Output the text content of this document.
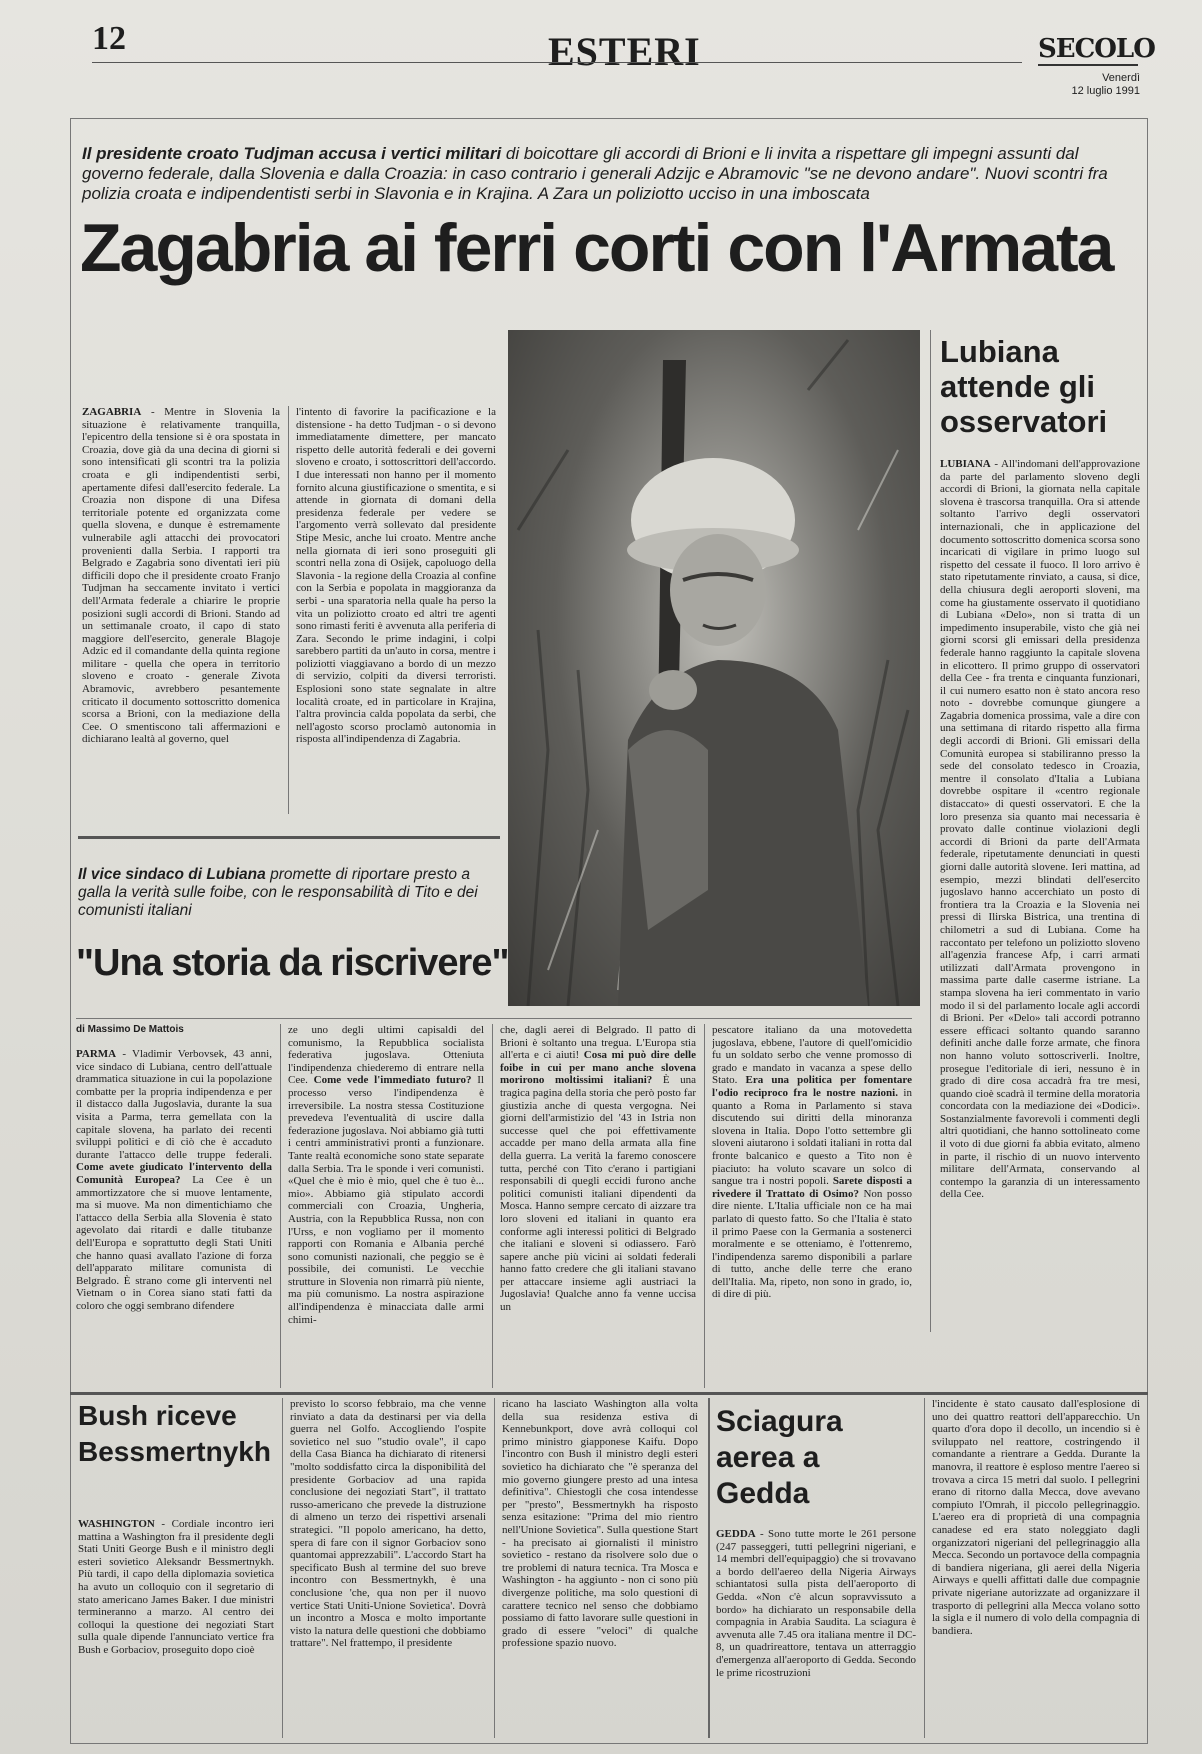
12	ESTERI	SECOLO
Venerdì
12 luglio 1991
Il presidente croato Tudjman accusa i vertici militari di boicottare gli accordi di Brioni e li invita a rispettare gli impegni assunti dal governo federale, dalla Slovenia e dalla Croazia: in caso contrario i generali Adzijc e Abramovic "se ne devono andare". Nuovi scontri fra polizia croata e indipendentisti serbi in Slavonia e in Krajina. A Zara un poliziotto ucciso in una imboscata
Zagabria ai ferri corti con l'Armata
ZAGABRIA - Mentre in Slovenia la situazione è relativamente tranquilla, l'epicentro della tensione si è ora spostata in Croazia, dove già da una decina di giorni si sono intensificati gli scontri tra la polizia croata e gli indipendentisti serbi, apertamente difesi dall'esercito federale. La Croazia non dispone di una Difesa territoriale potente ed organizzata come quella slovena, e dunque è estremamente vulnerabile agli attacchi dei provocatori provenienti dalla Serbia. I rapporti tra Belgrado e Zagabria sono diventati ieri più difficili dopo che il presidente croato Franjo Tudjman ha seccamente invitato i vertici dell'Armata federale a chiarire le proprie posizioni sugli accordi di Brioni. Stando ad un settimanale croato, il capo di stato maggiore dell'esercito, generale Blagoje Adzic ed il comandante della quinta regione militare - quella che opera in territorio sloveno e croato - generale Zivota Abramovic, avrebbero pesantemente criticato il documento sottoscritto domenica scorsa a Brioni, con la mediazione della Cee. O smentiscono tali affermazioni e dichiarano lealtà al governo, quel
l'intento di favorire la pacificazione e la distensione - ha detto Tudjman - o si devono immediatamente dimettere, per mancato rispetto delle autorità federali e dei governi sloveno e croato, i sottoscrittori dell'accordo. I due interessati non hanno per il momento fornito alcuna giustificazione o smentita, e si attende in giornata di domani della presidenza federale per vedere se l'argomento verrà sollevato dal presidente Stipe Mesic, anche lui croato. Mentre anche nella giornata di ieri sono proseguiti gli scontri nella zona di Osijek, capoluogo della Slavonia - la regione della Croazia al confine con la Serbia e popolata in maggioranza da serbi - una sparatoria nella quale ha perso la vita un poliziotto croato ed altri tre agenti sono rimasti feriti è avvenuta alla periferia di Zara. Secondo le prime indagini, i colpi sarebbero partiti da un'auto in corsa, mentre i poliziotti viaggiavano a bordo di un mezzo di servizio, colpiti da diversi terroristi. Esplosioni sono state segnalate in altre località croate, ed in particolare in Krajina, l'altra provincia calda popolata da serbi, che nell'agosto scorso proclamò autonomia in risposta all'indipendenza di Zagabria.
Lubiana attende gli osservatori
LUBIANA - All'indomani dell'approvazione da parte del parlamento sloveno degli accordi di Brioni, la giornata nella capitale slovena è trascorsa tranquilla. Ora si attende soltanto l'arrivo degli osservatori internazionali, che in applicazione del documento sottoscritto domenica scorsa sono incaricati di vigilare in primo luogo sul rispetto del cessate il fuoco. Il loro arrivo è stato ripetutamente rinviato, a causa, si dice, della chiusura degli aeroporti sloveni, ma come ha giustamente osservato il quotidiano di Lubiana «Delo», non si tratta di un impedimento insuperabile, visto che già nei giorni scorsi gli emissari della presidenza federale hanno raggiunto la capitale slovena in elicottero. Il primo gruppo di osservatori della Cee - fra trenta e cinquanta funzionari, il cui numero esatto non è stato ancora reso noto - dovrebbe comunque giungere a Zagabria domenica prossima, vale a dire con una settimana di ritardo rispetto alla firma degli accordi di Brioni. Gli emissari della Comunità europea si stabiliranno presso la sede del consolato tedesco in Croazia, mentre il consolato d'Italia a Lubiana dovrebbe ospitare il «centro regionale distaccato» di questi osservatori. E che la loro presenza sia quanto mai necessaria è provato dalle continue violazioni degli accordi di Brioni da parte dell'Armata federale, ripetutamente denunciati in questi giorni dalle autorità slovene. Ieri mattina, ad esempio, mezzi blindati dell'esercito jugoslavo hanno accerchiato un posto di frontiera tra la Croazia e la Slovenia nei pressi di Ilirska Bistrica, una trentina di chilometri a sud di Lubiana. Come ha raccontato per telefono un poliziotto sloveno all'agenzia francese Afp, i carri armati utilizzati dall'Armata provengono in massima parte dalle caserme istriane. La stampa slovena ha ieri commentato in vario modo il sì del parlamento locale agli accordi di Brioni. Per «Delo» tali accordi potranno essere efficaci soltanto quando saranno definiti anche dalle forze armate, che finora non hanno voluto sottoscriverli. Inoltre, prosegue l'editoriale di ieri, nessuno è in grado di dire cosa accadrà fra tre mesi, quando cioè scadrà il termine della moratoria concordata con la mediazione dei «Dodici». Sostanzialmente favorevoli i commenti degli altri quotidiani, che hanno sottolineato come il voto di due giorni fa abbia evitato, almeno in parte, il rischio di un nuovo intervento militare dell'Armata, conservando al contempo la garanzia di un interessamento della Cee.
Il vice sindaco di Lubiana promette di riportare presto a galla la verità sulle foibe, con le responsabilità di Tito e dei comunisti italiani
"Una storia da riscrivere"
di Massimo De Mattois
PARMA - Vladimir Verbovsek, 43 anni, vice sindaco di Lubiana, centro dell'attuale drammatica situazione in cui la popolazione combatte per la propria indipendenza e per il distacco dalla Jugoslavia, durante la sua visita a Parma, terra gemellata con la capitale slovena, ha parlato dei recenti sviluppi politici e di ciò che è accaduto durante l'attacco delle truppe federali. Come avete giudicato l'intervento della Comunità Europea? La Cee è un ammortizzatore che si muove lentamente, ma si muove. Ma non dimentichiamo che l'attacco della Serbia alla Slovenia è stato agevolato dai ritardi e dalle titubanze dell'Europa e soprattutto degli Stati Uniti che hanno quasi avallato l'azione di forza dell'apparato militare comunista di Belgrado. È strano come gli interventi nel Vietnam o in Corea siano stati fatti da coloro che oggi sembrano difendere
ze uno degli ultimi capisaldi del comunismo, la Repubblica socialista federativa jugoslava. Otteniuta l'indipendenza chiederemo di entrare nella Cee. Come vede l'immediato futuro? Il processo verso l'indipendenza è irreversibile. La nostra stessa Costituzione prevedeva l'eventualità di uscire dalla federazione jugoslava. Noi abbiamo già tutti i centri amministrativi pronti a funzionare. Tante realtà economiche sono state separate dalla Serbia. Tra le sponde i veri comunisti. «Quel che è mio è mio, quel che è tuo è... mio». Abbiamo già stipulato accordi commerciali con Croazia, Ungheria, Austria, con la Repubblica Russa, non con l'Urss, e non vogliamo per il momento rapporti con Romania e Albania perché sono comunisti nazionali, che peggio se è possibile, dei comunisti. Le vecchie strutture in Slovenia non rimarrà più niente, ma più comunismo. La nostra aspirazione all'indipendenza è minacciata dalle armi chimi-
che, dagli aerei di Belgrado. Il patto di Brioni è soltanto una tregua. L'Europa stia all'erta e ci aiuti! Cosa mi può dire delle foibe in cui per mano anche slovena morirono moltissimi italiani? È una tragica pagina della storia che però posto far giustizia anche di questa vergogna. Nei giorni dell'armistizio del '43 in Istria non successe quel che poi effettivamente accadde per mano della armata alla fine della guerra. La verità la faremo conoscere tutta, perché con Tito c'erano i partigiani responsabili di quegli eccidi furono anche politici comunisti italiani dipendenti da Mosca. Hanno sempre cercato di aizzare tra loro sloveni ed italiani in quanto era conforme agli interessi politici di Belgrado che italiani e sloveni si odiassero. Farò sapere anche più vicini ai soldati federali hanno fatto credere che gli italiani stavano per attaccare insieme agli austriaci la Jugoslavia! Qualche anno fa venne uccisa un
pescatore italiano da una motovedetta jugoslava, ebbene, l'autore di quell'omicidio fu un soldato serbo che venne promosso di grado e mandato in vacanza a spese dello Stato. Era una politica per fomentare l'odio reciproco fra le nostre nazioni. in quanto a Roma in Parlamento si stava discutendo sui diritti della minoranza slovena in Italia. Dopo l'otto settembre gli sloveni aiutarono i soldati italiani in rotta dal fronte balcanico e questo a Tito non è piaciuto: ha voluto scavare un solco di sangue tra i nostri popoli. Sarete disposti a rivedere il Trattato di Osimo? Non posso dire niente. L'Italia ufficiale non ce ha mai parlato di questo fatto. So che l'Italia è stato il primo Paese con la Germania a sostenerci moralmente e se otteniamo, è l'ottenremo, l'indipendenza saremo disponibili a parlare di tutto, anche delle terre che erano dell'Italia. Ma, ripeto, non sono in grado, io, di dire di più.
Bush riceve Bessmertnykh
WASHINGTON - Cordiale incontro ieri mattina a Washington fra il presidente degli Stati Uniti George Bush e il ministro degli esteri sovietico Aleksandr Bessmertnykh. Più tardi, il capo della diplomazia sovietica ha avuto un colloquio con il segretario di stato americano James Baker. I due ministri termineranno a marzo. Al centro dei colloqui la questione dei negoziati Start sulla quale dipende l'annunciato vertice fra Bush e Gorbaciov, proseguito dopo cioè
previsto lo scorso febbraio, ma che venne rinviato a data da destinarsi per via della guerra nel Golfo. Accogliendo l'ospite sovietico nel suo "studio ovale", il capo della Casa Bianca ha dichiarato di ritenersi "molto soddisfatto circa la disponibilità del presidente Gorbaciov ad una rapida conclusione dei negoziati Start", il trattato russo-americano che prevede la distruzione di almeno un terzo dei rispettivi arsenali strategici. "Il popolo americano, ha detto, spera di fare con il signor Gorbaciov sono quantomai apprezzabili". L'accordo Start ha specificato Bush al termine del suo breve incontro con Bessmertnykh, è una conclusione 'che, qua non per il nuovo vertice Stati Uniti-Unione Sovietica'. Dovrà un incontro a Mosca e molto importante visto la natura delle questioni che dobbiamo trattare". Nel frattempo, il presidente
ricano ha lasciato Washington alla volta della sua residenza estiva di Kennebunkport, dove avrà colloqui col primo ministro giapponese Kaifu. Dopo l'incontro con Bush il ministro degli esteri sovietico ha dichiarato che "è speranza del mio governo giungere presto ad una intesa definitiva". Chiestogli che cosa intendesse per "presto", Bessmertnykh ha risposto senza esitazione: "Prima del mio rientro nell'Unione Sovietica". Sulla questione Start - ha precisato ai giornalisti il ministro sovietico - restano da risolvere solo due o tre problemi di natura tecnica. Tra Mosca e Washington - ha aggiunto - non ci sono più divergenze politiche, ma solo questioni di carattere tecnico nel senso che dobbiamo possiamo di fatto lavorare sulle questioni in grado di essere "veloci" di qualche professione spazio nuovo.
Sciagura aerea a Gedda
GEDDA - Sono tutte morte le 261 persone (247 passeggeri, tutti pellegrini nigeriani, e 14 membri dell'equipaggio) che si trovavano a bordo dell'aereo della Nigeria Airways schiantatosi sulla pista dell'aeroporto di Gedda. «Non c'è alcun sopravvissuto a bordo» ha dichiarato un responsabile della compagnia in Arabia Saudita. La sciagura è avvenuta alle 7.45 ora italiana mentre il DC-8, un quadrireattore, tentava un atterraggio d'emergenza all'aeroporto di Gedda. Secondo le prime ricostruzioni
l'incidente è stato causato dall'esplosione di uno dei quattro reattori dell'apparecchio. Un quarto d'ora dopo il decollo, un incendio si è sviluppato nel reattore, costringendo il comandante a rientrare a Gedda. Durante la manovra, il reattore è esploso mentre l'aereo si trovava a circa 15 metri dal suolo. I pellegrini erano di ritorno dalla Mecca, dove avevano compiuto l'Omrah, il piccolo pellegrinaggio. L'aereo era di proprietà di una compagnia canadese ed era stato noleggiato dagli organizzatori nigeriani del pellegrinaggio alla Mecca. Secondo un portavoce della compagnia di bandiera nigeriana, gli aerei della Nigeria Airways e quelli affittati dalle due compagnie private nigeriane autorizzate ad organizzare il trasporto di pellegrini alla Mecca volano sotto la sigla e il numero di volo della compagnia di bandiera.
